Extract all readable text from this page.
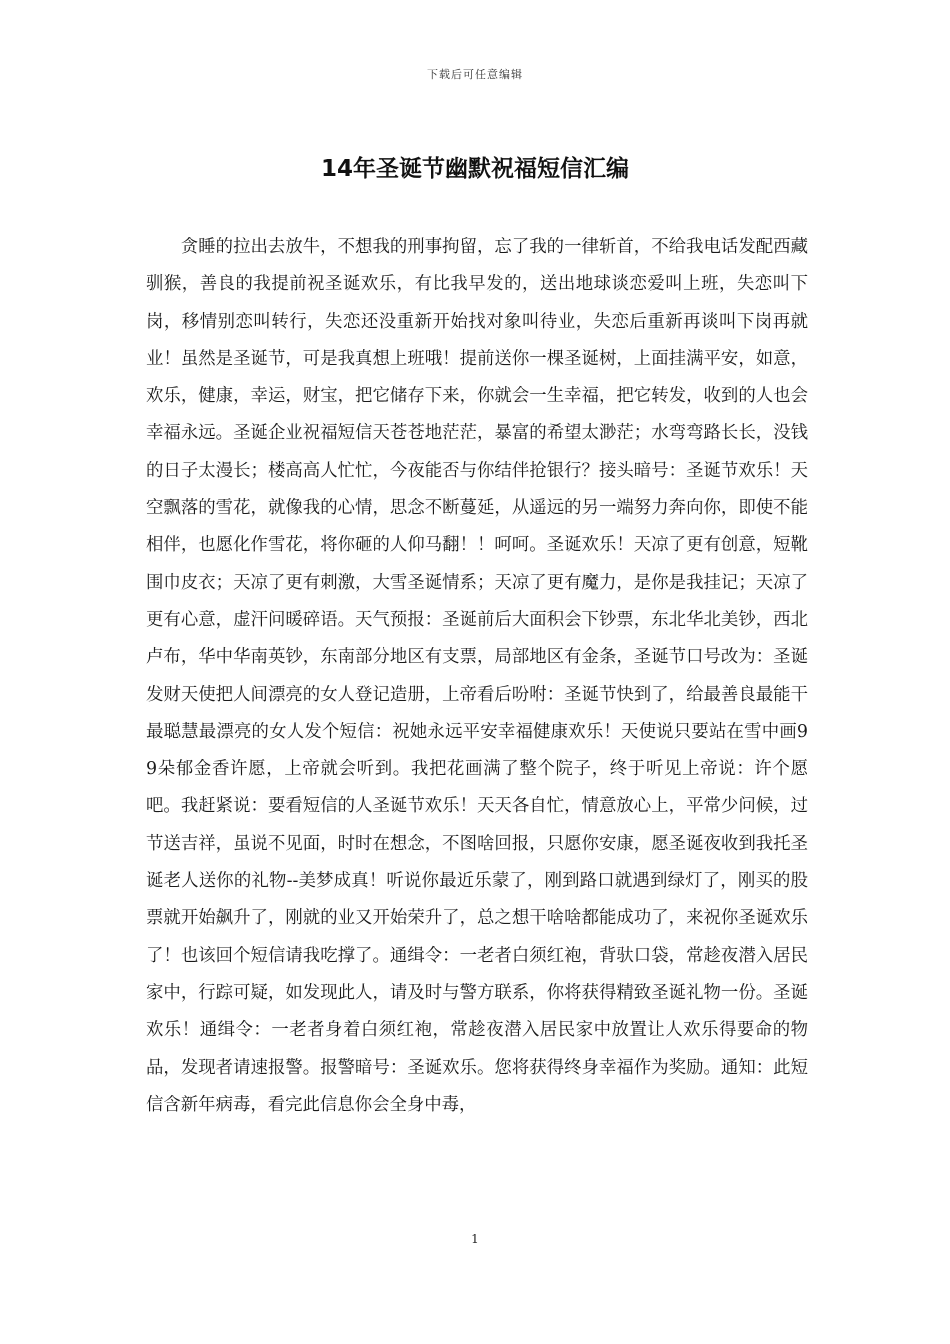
下载后可任意编辑
14年圣诞节幽默祝福短信汇编

贪睡的拉出去放牛，不想我的刑事拘留，忘了我的一律斩首，不给我电话发配西藏驯猴，善良的我提前祝圣诞欢乐，有比我早发的，送出地球谈恋爱叫上班，失恋叫下岗，移情别恋叫转行，失恋还没重新开始找对象叫待业，失恋后重新再谈叫下岗再就业！虽然是圣诞节，可是我真想上班哦！提前送你一棵圣诞树，上面挂满平安，如意，欢乐，健康，幸运，财宝，把它储存下来，你就会一生幸福，把它转发，收到的人也会幸福永远。圣诞企业祝福短信天苍苍地茫茫，暴富的希望太渺茫；水弯弯路长长，没钱的日子太漫长；楼高高人忙忙，今夜能否与你结伴抢银行？接头暗号：圣诞节欢乐！天空飘落的雪花，就像我的心情，思念不断蔓延，从遥远的另一端努力奔向你，即使不能相伴，也愿化作雪花，将你砸的人仰马翻！！呵呵。圣诞欢乐！天凉了更有创意，短靴围巾皮衣；天凉了更有刺激，大雪圣诞情系；天凉了更有魔力，是你是我挂记；天凉了更有心意，虚汗问暖碎语。天气预报：圣诞前后大面积会下钞票，东北华北美钞，西北卢布，华中华南英钞，东南部分地区有支票，局部地区有金条，圣诞节口号改为：圣诞发财天使把人间漂亮的女人登记造册，上帝看后吩咐：圣诞节快到了，给最善良最能干最聪慧最漂亮的女人发个短信：祝她永远平安幸福健康欢乐！天使说只要站在雪中画99朵郁金香许愿，上帝就会听到。我把花画满了整个院子，终于听见上帝说：许个愿吧。我赶紧说：要看短信的人圣诞节欢乐！天天各自忙，情意放心上，平常少问候，过节送吉祥，虽说不见面，时时在想念，不图啥回报，只愿你安康，愿圣诞夜收到我托圣诞老人送你的礼物--美梦成真！听说你最近乐蒙了，刚到路口就遇到绿灯了，刚买的股票就开始飙升了，刚就的业又开始荣升了，总之想干啥啥都能成功了，来祝你圣诞欢乐了！也该回个短信请我吃撑了。通缉令：一老者白须红袍，背驮口袋，常趁夜潜入居民家中，行踪可疑，如发现此人，请及时与警方联系，你将获得精致圣诞礼物一份。圣诞欢乐！通缉令：一老者身着白须红袍，常趁夜潜入居民家中放置让人欢乐得要命的物品，发现者请速报警。报警暗号：圣诞欢乐。您将获得终身幸福作为奖励。通知：此短信含新年病毒，看完此信息你会全身中毒，

1
